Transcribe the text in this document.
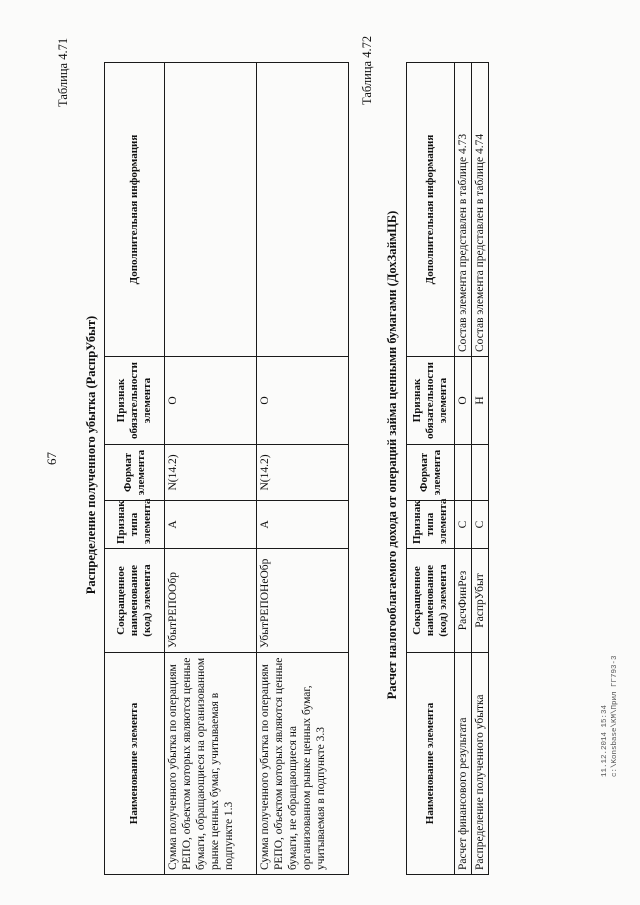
67
Таблица 4.71
Распределение полученного убытка (РаспрУбыт)
Наименование элемента	Сокращенное наименование (код) элемента	Признак типа элемента	Формат элемента	Признак обязательности элемента	Дополнительная информация
Сумма полученного убытка по операциям РЕПО, объектом которых являются ценные бумаги, обращающиеся на организованном рынке ценных бумаг, учитываемая в подпункте 1.3	УбытРЕПООбр	А	N(14.2)	О	
Сумма полученного убытка по операциям РЕПО, объектом которых являются ценные бумаги, не обращающиеся на организованном рынке ценных бумаг, учитываемая в подпункте 3.3	УбытРЕПОНеОбр	А	N(14.2)	О	
Таблица 4.72
Расчет налогооблагаемого дохода от операций займа ценными бумагами (ДохЗаймЦБ)
Наименование элемента	Сокращенное наименование (код) элемента	Признак типа элемента	Формат элемента	Признак обязательности элемента	Дополнительная информация
Расчет финансового результата	РасчФинРез	С		О	Состав элемента представлен в таблице 4.73
Распределение полученного убытка	РаспрУбыт	С		Н	Состав элемента представлен в таблице 4.74
11.12.2014 15:34 c:\Konsbase\KM\Прил ГГ793-3
